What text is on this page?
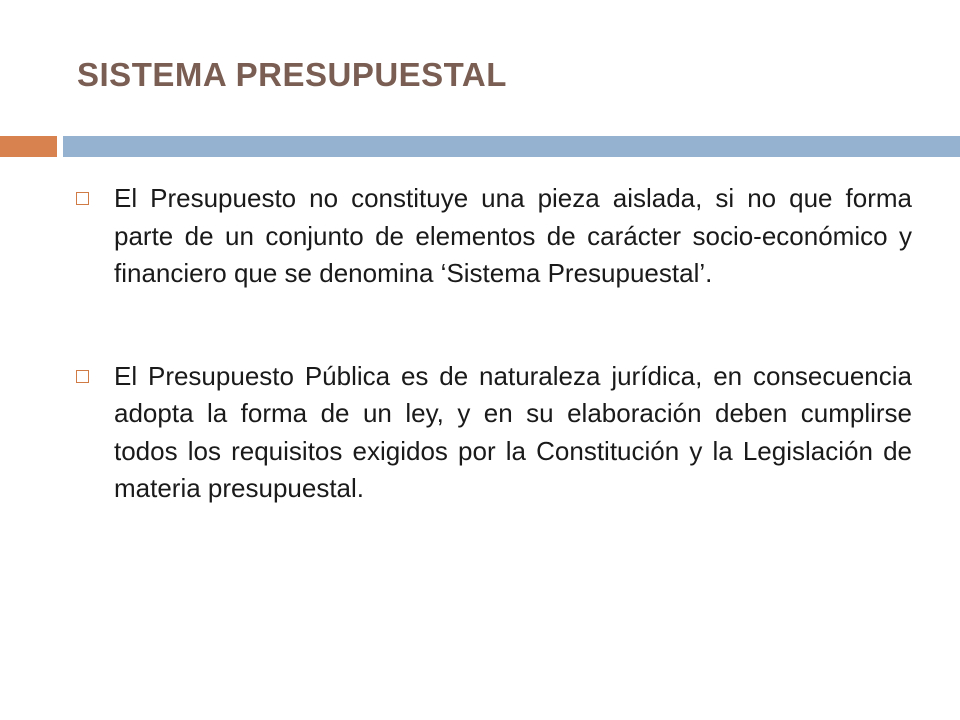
SISTEMA PRESUPUESTAL
El Presupuesto no constituye una pieza aislada, si no que forma parte de un conjunto de elementos de carácter socio-económico y financiero que se denomina ‘Sistema Presupuestal’.
El Presupuesto Pública es de naturaleza jurídica, en consecuencia adopta la forma de un ley, y en su elaboración deben cumplirse todos los requisitos exigidos por la Constitución y la Legislación de materia presupuestal.
